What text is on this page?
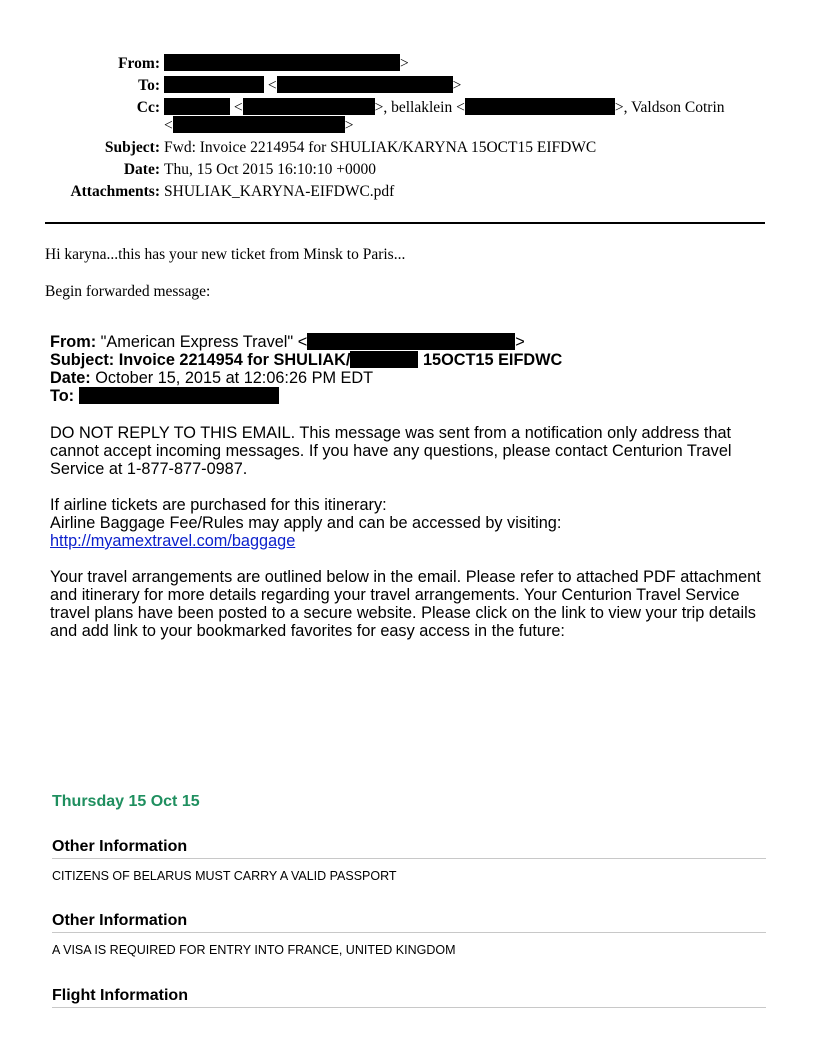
From:	>
To:	<	>
Cc:	<	>, bellaklein <	>, Valdson Cotrin
<	>
Subject: Fwd: Invoice 2214954 for SHULIAK/KARYNA 15OCT15 EIFDWC
Date: Thu, 15 Oct 2015 16:10:10 +0000
Attachments: SHULIAK_KARYNA-EIFDWC.pdf
Hi karyna...this has your new ticket from Minsk to Paris...
Begin forwarded message:
From: "American Express Travel" <	>
Subject: Invoice 2214954 for SHULIAK/	15OCT15 EIFDWC
Date: October 15, 2015 at 12:06:26 PM EDT
To:
DO NOT REPLY TO THIS EMAIL. This message was sent from a notification only address that cannot accept incoming messages. If you have any questions, please contact Centurion Travel Service at 1-877-877-0987.
If airline tickets are purchased for this itinerary:
Airline Baggage Fee/Rules may apply and can be accessed by visiting:
http://myamextravel.com/baggage
Your travel arrangements are outlined below in the email. Please refer to attached PDF attachment and itinerary for more details regarding your travel arrangements. Your Centurion Travel Service travel plans have been posted to a secure website. Please click on the link to view your trip details and add link to your bookmarked favorites for easy access in the future:
Thursday 15 Oct 15
Other Information
CITIZENS OF BELARUS MUST CARRY A VALID PASSPORT
Other Information
A VISA IS REQUIRED FOR ENTRY INTO FRANCE, UNITED KINGDOM
Flight Information
